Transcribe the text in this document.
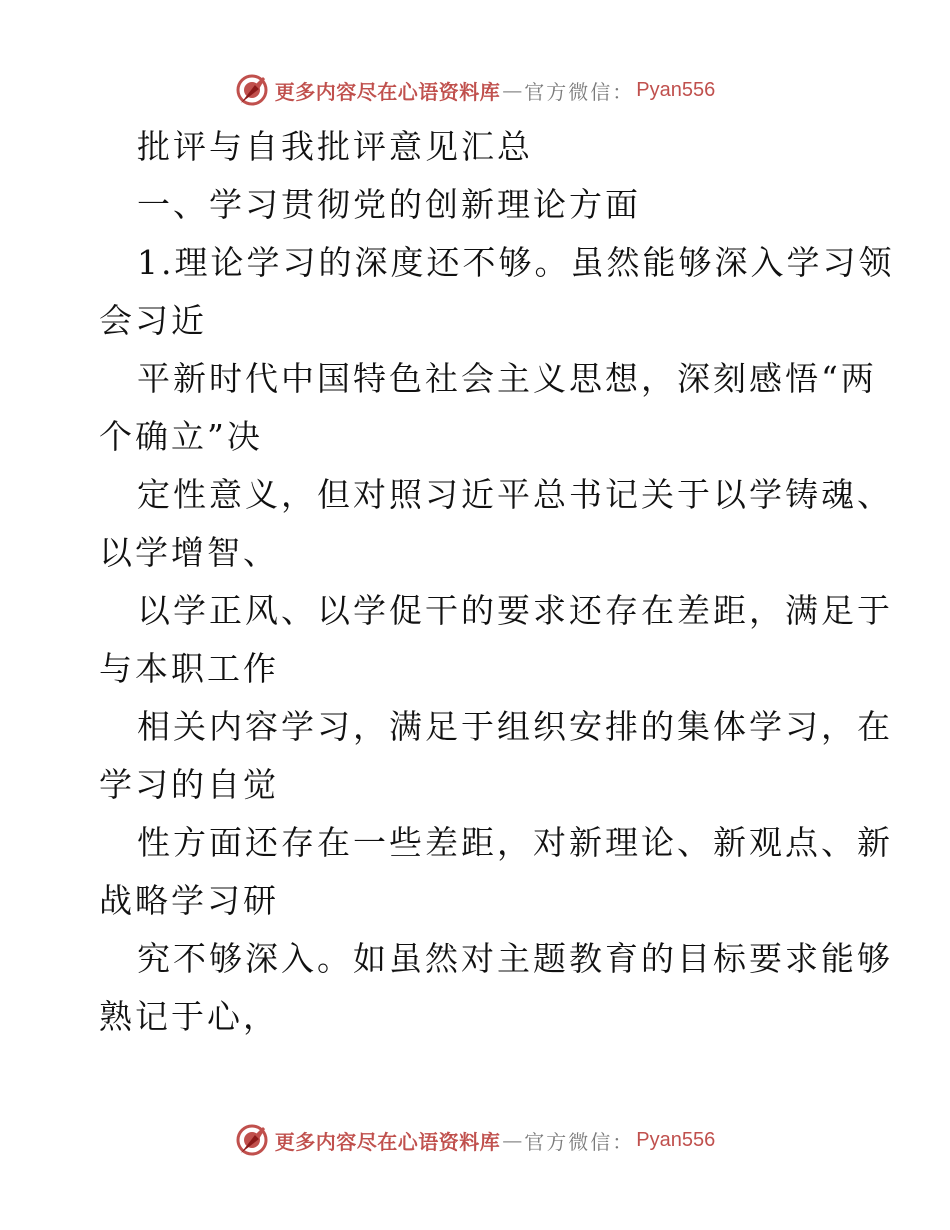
更多内容尽在心语资料库 — 官方微信： Pyan556
批评与自我批评意见汇总
一、学习贯彻党的创新理论方面
1.理论学习的深度还不够。虽然能够深入学习领
会习近
平新时代中国特色社会主义思想，深刻感悟“两
个确立”决
定性意义，但对照习近平总书记关于以学铸魂、
以学增智、
以学正风、以学促干的要求还存在差距，满足于
与本职工作
相关内容学习，满足于组织安排的集体学习，在
学习的自觉
性方面还存在一些差距，对新理论、新观点、新
战略学习研
究不够深入。如虽然对主题教育的目标要求能够
熟记于心，
更多内容尽在心语资料库 — 官方微信： Pyan556
